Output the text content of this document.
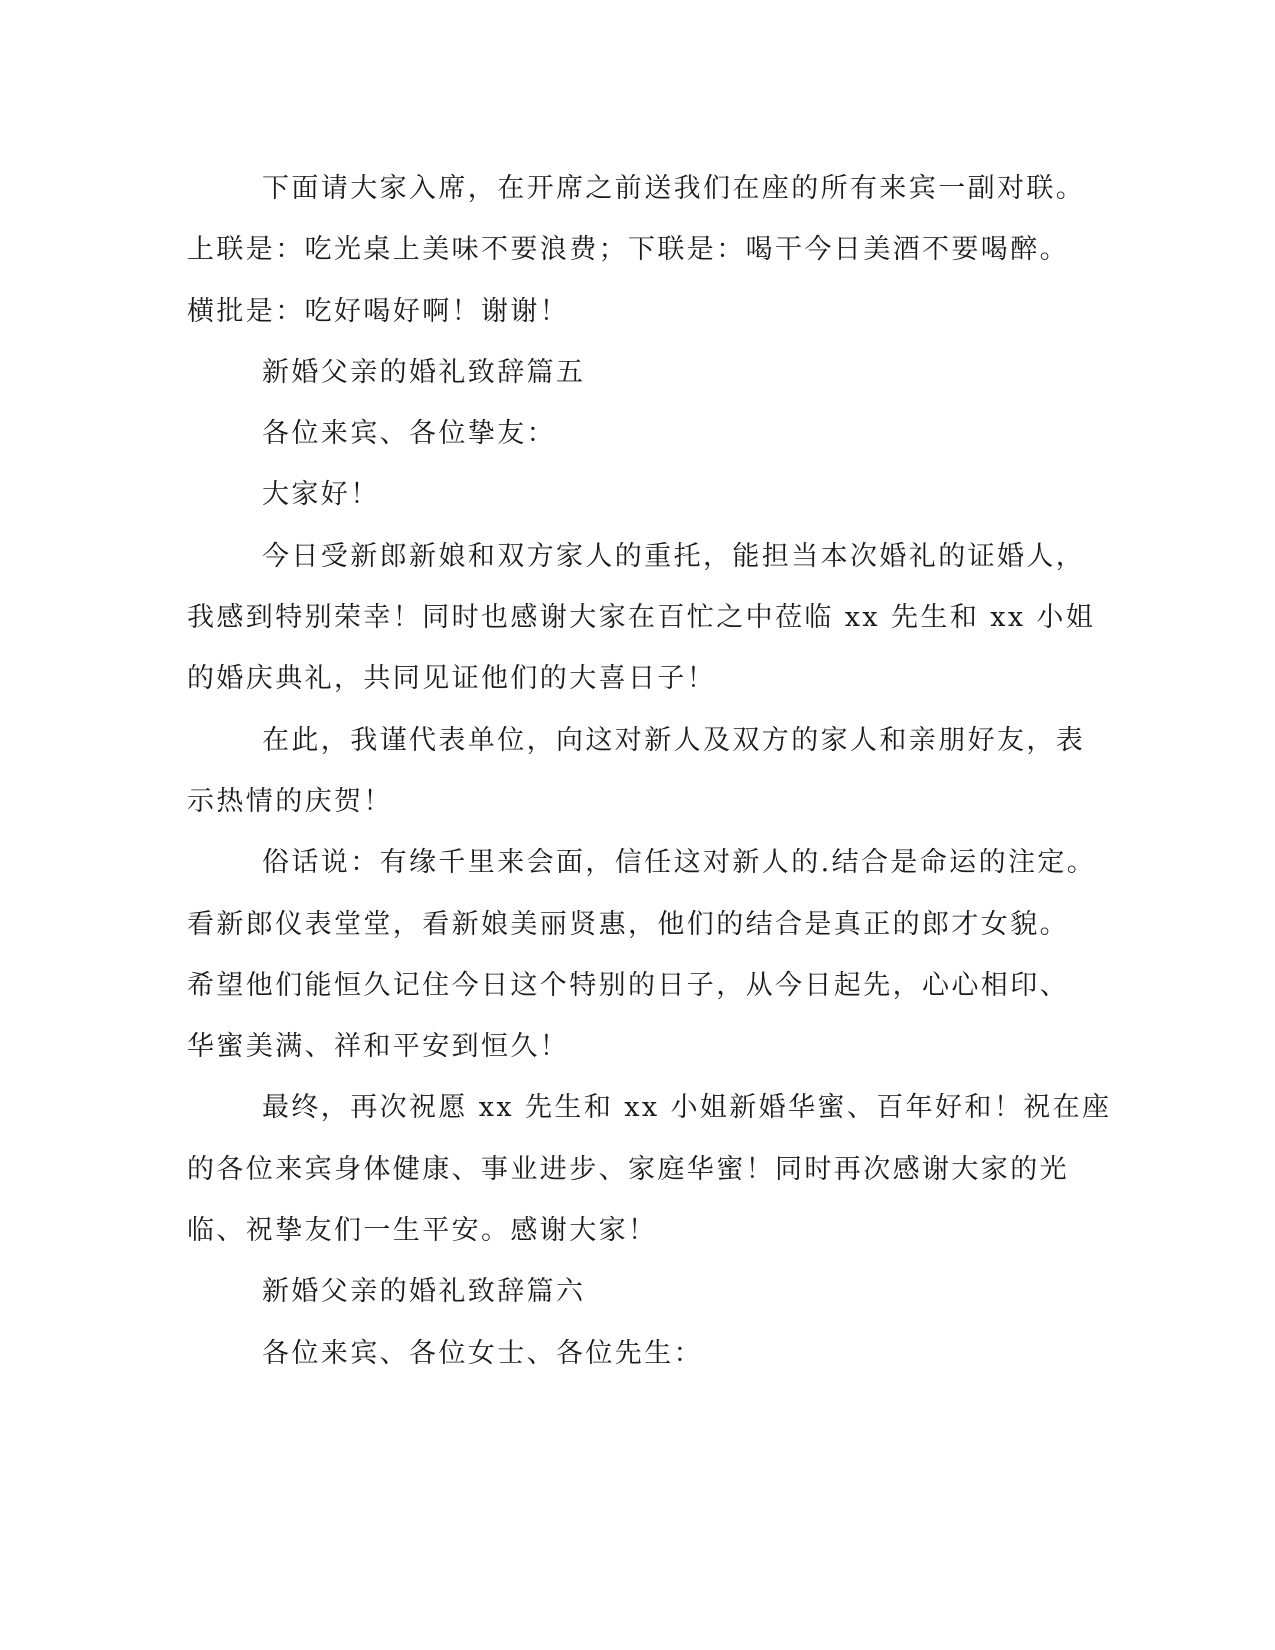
下面请大家入席，在开席之前送我们在座的所有来宾一副对联。
上联是：吃光桌上美味不要浪费；下联是：喝干今日美酒不要喝醉。
横批是：吃好喝好啊！谢谢！
新婚父亲的婚礼致辞篇五
各位来宾、各位挚友：
大家好！
今日受新郎新娘和双方家人的重托，能担当本次婚礼的证婚人，
我感到特别荣幸！同时也感谢大家在百忙之中莅临 xx 先生和 xx 小姐
的婚庆典礼，共同见证他们的大喜日子！
在此，我谨代表单位，向这对新人及双方的家人和亲朋好友，表
示热情的庆贺！
俗话说：有缘千里来会面，信任这对新人的.结合是命运的注定。
看新郎仪表堂堂，看新娘美丽贤惠，他们的结合是真正的郎才女貌。
希望他们能恒久记住今日这个特别的日子，从今日起先，心心相印、
华蜜美满、祥和平安到恒久！
最终，再次祝愿 xx 先生和 xx 小姐新婚华蜜、百年好和！祝在座
的各位来宾身体健康、事业进步、家庭华蜜！同时再次感谢大家的光
临、祝挚友们一生平安。感谢大家！
新婚父亲的婚礼致辞篇六
各位来宾、各位女士、各位先生：
